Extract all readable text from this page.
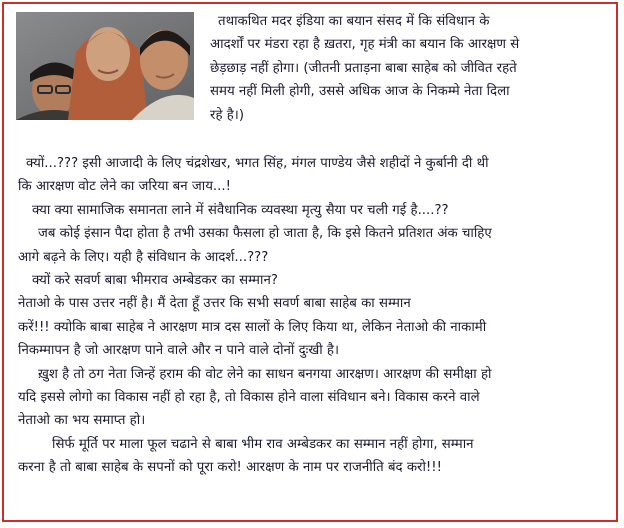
तथाकथित मदर इंडिया का बयान संसद में कि संविधान के
आदर्शों पर मंडरा रहा है ख़तरा, गृह मंत्री का बयान कि आरक्षण से
छेड़छाड़ नहीं होगा। (जीतनी प्रताड़ना बाबा साहेब को जीवित रहते
समय नहीं मिली होगी, उससे अधिक आज के निकम्मे नेता दिला
रहे है।)
क्यों...??? इसी आजादी के लिए चंद्रशेखर, भगत सिंह, मंगल पाण्डेय जैसे शहीदों ने कुर्बानी दी थी
कि आरक्षण वोट लेने का जरिया बन जाय...!
क्या क्या सामाजिक समानता लाने में संवैधानिक व्यवस्था मृत्यु सैया पर चली गई है....??
जब कोई इंसान पैदा होता है तभी उसका फैसला हो जाता है, कि इसे कितने प्रतिशत अंक चाहिए
आगे बढ़ने के लिए। यही है संविधान के आदर्श...???
क्यों करे सवर्ण बाबा भीमराव अम्बेडकर का सम्मान?
नेताओ के पास उत्तर नहीं है। मैं देता हूँ उत्तर कि सभी सवर्ण बाबा साहेब का सम्मान
करें!!! क्योकि बाबा साहेब ने आरक्षण मात्र दस सालों के लिए किया था, लेकिन नेताओ की नाकामी
निकम्मापन है जो आरक्षण पाने वाले और न पाने वाले दोनों दुःखी है।
ख़ुश है तो ठग नेता जिन्हें हराम की वोट लेने का साधन बनगया आरक्षण। आरक्षण की समीक्षा हो
यदि इससे लोगो का विकास नहीं हो रहा है, तो विकास होने वाला संविधान बने। विकास करने वाले
नेताओ का भय समाप्त हो।
सिर्फ मूर्ति पर माला फूल चढाने से बाबा भीम राव अम्बेडकर का सम्मान नहीं होगा, सम्मान
करना है तो बाबा साहेब के सपनों को पूरा करो! आरक्षण के नाम पर राजनीति बंद करो!!!
